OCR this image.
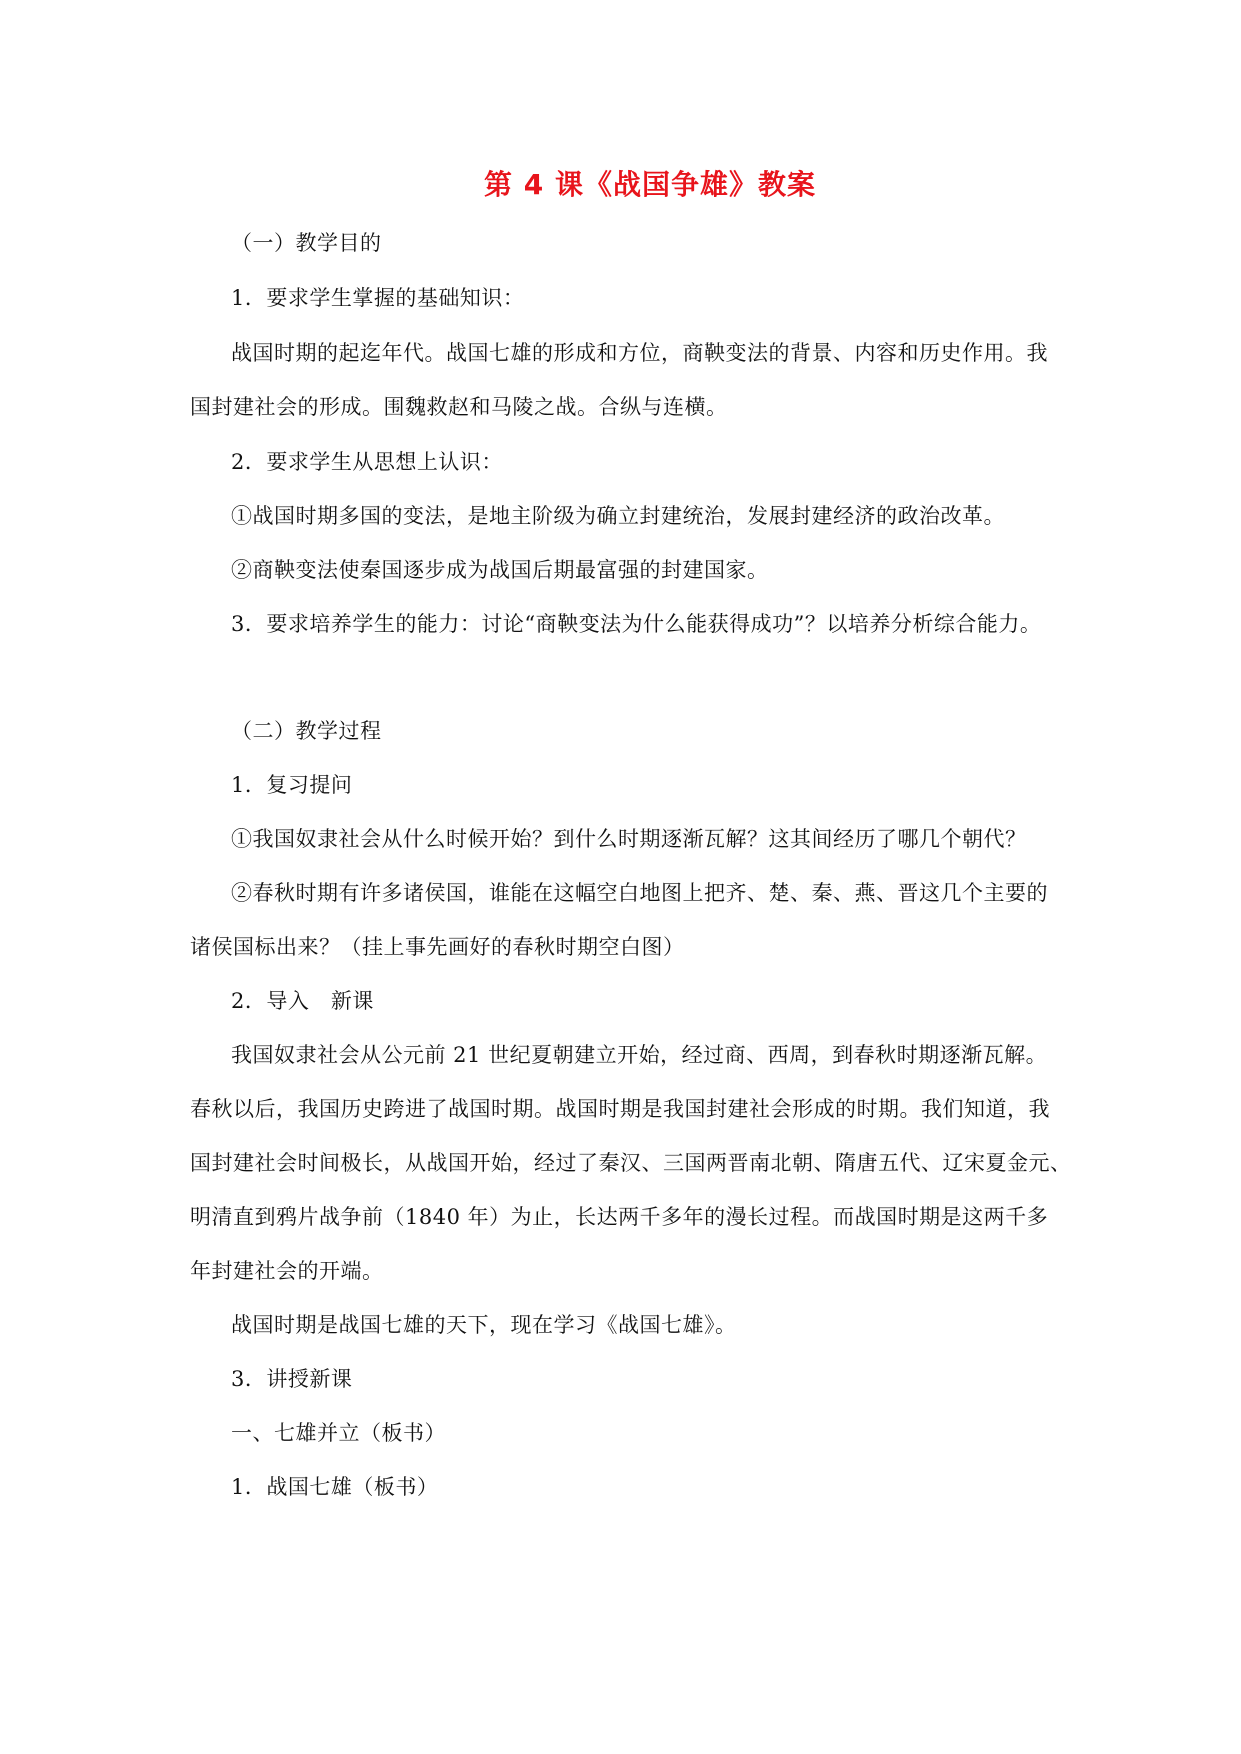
第 4 课《战国争雄》教案
（一）教学目的
1．要求学生掌握的基础知识：
战国时期的起迄年代。战国七雄的形成和方位，商鞅变法的背景、内容和历史作用。我
国封建社会的形成。围魏救赵和马陵之战。合纵与连横。
2．要求学生从思想上认识：
①战国时期多国的变法，是地主阶级为确立封建统治，发展封建经济的政治改革。
②商鞅变法使秦国逐步成为战国后期最富强的封建国家。
3．要求培养学生的能力：讨论“商鞅变法为什么能获得成功”？以培养分析综合能力。
（二）教学过程
1．复习提问
①我国奴隶社会从什么时候开始？到什么时期逐渐瓦解？这其间经历了哪几个朝代？
②春秋时期有许多诸侯国，谁能在这幅空白地图上把齐、楚、秦、燕、晋这几个主要的
诸侯国标出来？（挂上事先画好的春秋时期空白图）
2．导入　新课
我国奴隶社会从公元前 21 世纪夏朝建立开始，经过商、西周，到春秋时期逐渐瓦解。
春秋以后，我国历史跨进了战国时期。战国时期是我国封建社会形成的时期。我们知道，我
国封建社会时间极长，从战国开始，经过了秦汉、三国两晋南北朝、隋唐五代、辽宋夏金元、
明清直到鸦片战争前（1840 年）为止，长达两千多年的漫长过程。而战国时期是这两千多
年封建社会的开端。
战国时期是战国七雄的天下，现在学习《战国七雄》。
3．讲授新课
一、七雄并立（板书）
1．战国七雄（板书）
